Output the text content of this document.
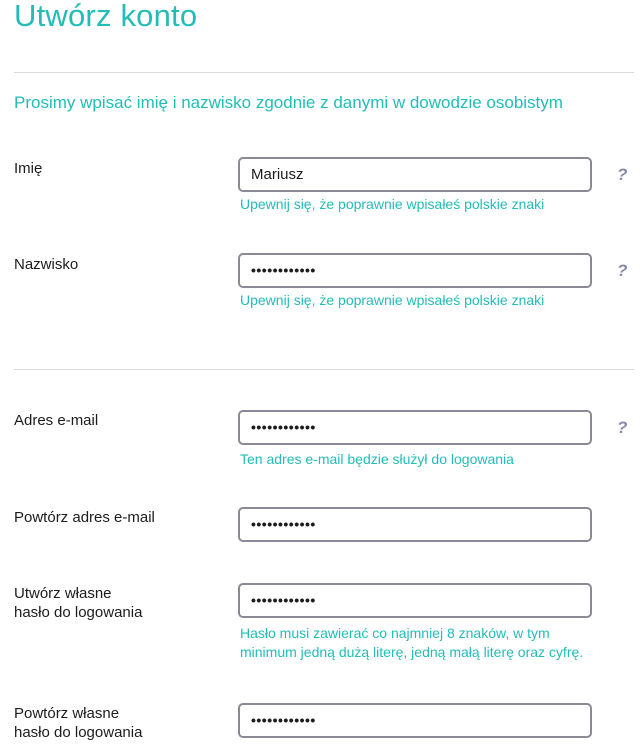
Utwórz konto
Prosimy wpisać imię i nazwisko zgodnie z danymi w dowodzie osobistym
Imię	Mariusz	?
Upewnij się, że poprawnie wpisałeś polskie znaki
Nazwisko	••••••••••••	?
Upewnij się, że poprawnie wpisałeś polskie znaki
Adres e-mail	••••••••••••	?
Ten adres e-mail będzie służył do logowania
Powtórz adres e-mail	••••••••••••
Utwórz własne
hasło do logowania
••••••••••••
Hasło musi zawierać co najmniej 8 znaków, w tym
minimum jedną dużą literę, jedną małą literę oraz cyfrę.
Powtórz własne
hasło do logowania
••••••••••••
